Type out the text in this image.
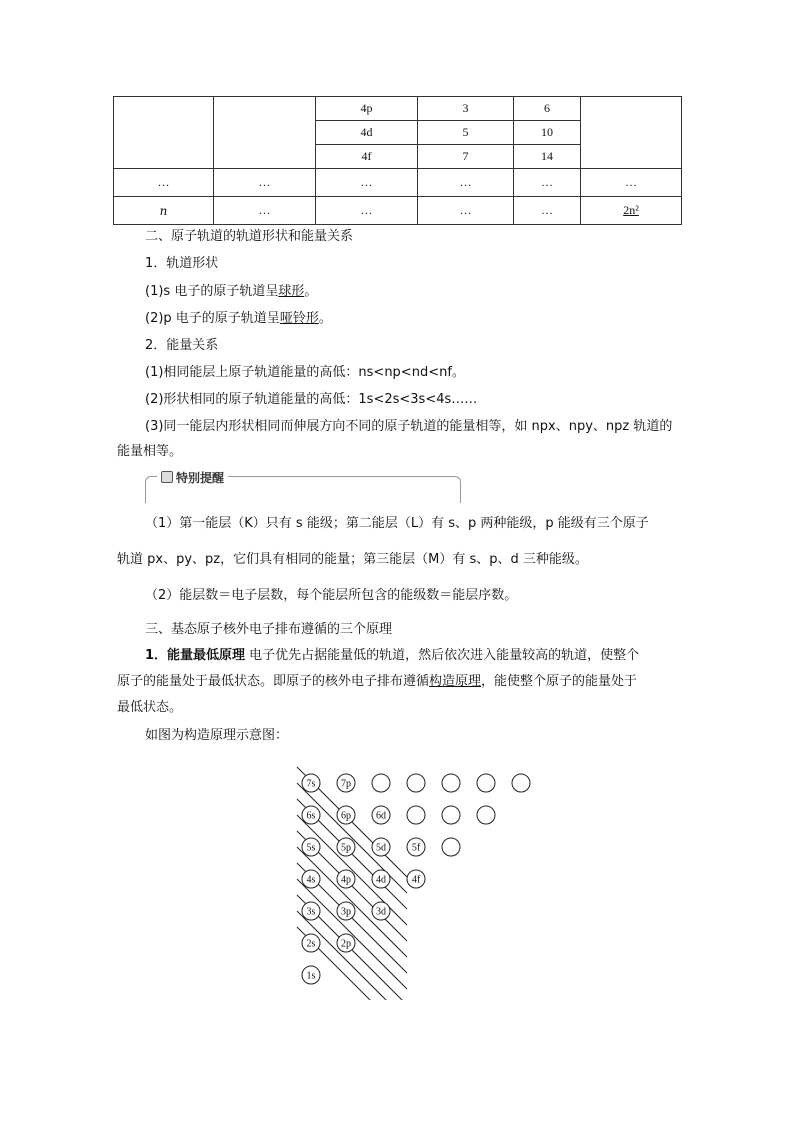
		4p	3	6	
		4d	5	10	
		4f	7	14	
…	…	…	…	…	…
n	…	…	…	…	2n²
二、原子轨道的轨道形状和能量关系
1．轨道形状
(1)s 电子的原子轨道呈球形。
(2)p 电子的原子轨道呈哑铃形。
2．能量关系
(1)相同能层上原子轨道能量的高低：ns<np<nd<nf。
(2)形状相同的原子轨道能量的高低：1s<2s<3s<4s……
(3)同一能层内形状相同而伸展方向不同的原子轨道的能量相等，如 npx、npy、npz 轨道的
能量相等。
特别提醒
（1）第一能层（K）只有 s 能级；第二能层（L）有 s、p 两种能级，p 能级有三个原子
轨道 px、py、pz，它们具有相同的能量；第三能层（M）有 s、p、d 三种能级。
（2）能层数＝电子层数，每个能层所包含的能级数＝能层序数。
三、基态原子核外电子排布遵循的三个原理
1．能量最低原理 电子优先占据能量低的轨道，然后依次进入能量较高的轨道，使整个
原子的能量处于最低状态。即原子的核外电子排布遵循构造原理，能使整个原子的能量处于
最低状态。
如图为构造原理示意图：
7s	7p
6s	6p	6d
5s	5p	5d	5f
4s	4p	4d	4f
3s	3p	3d
2s	2p
1s
